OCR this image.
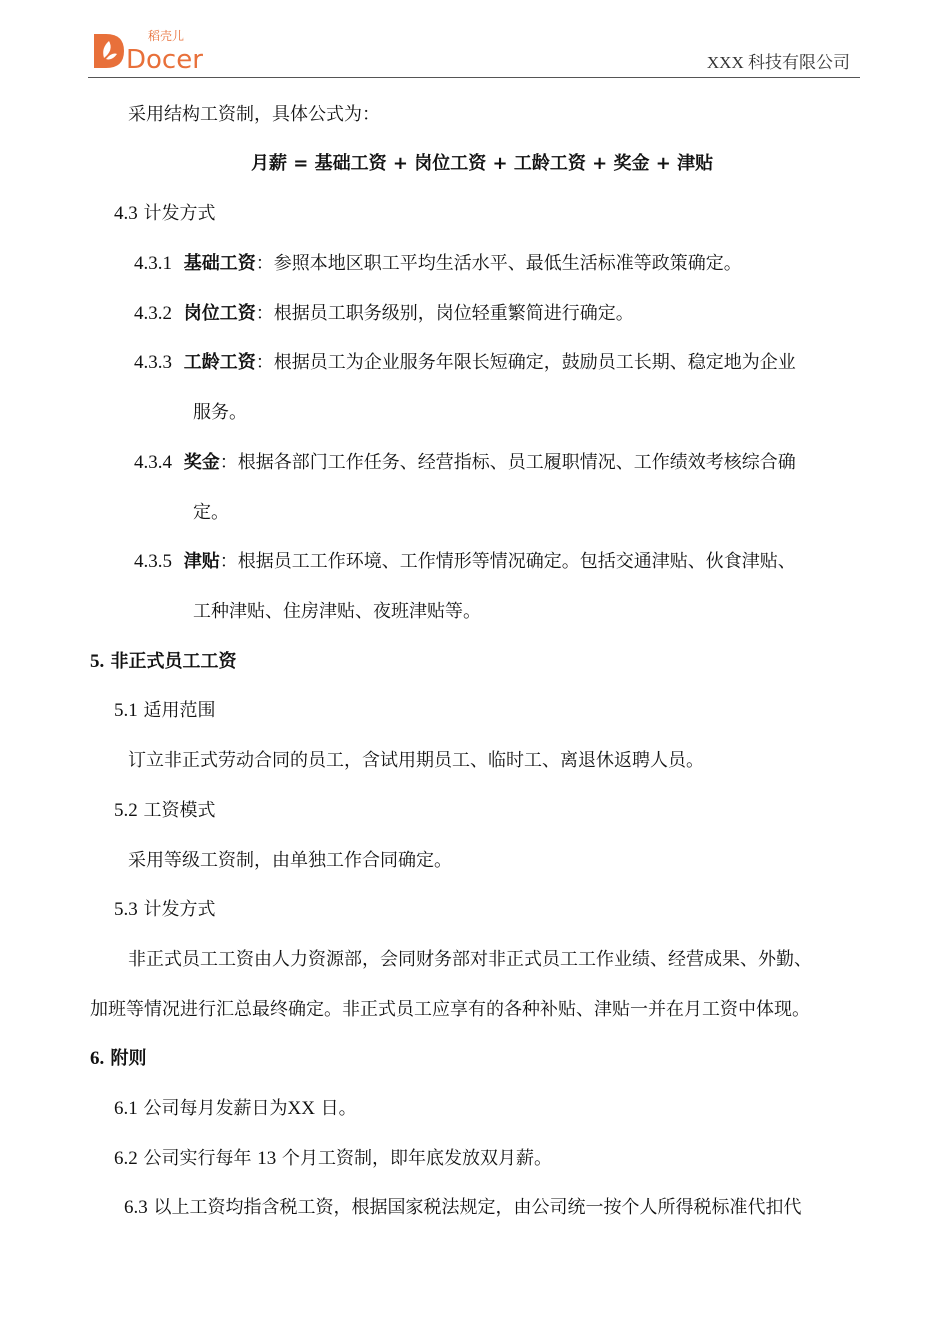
稻壳儿
Docer	XXX 科技有限公司
采用结构工资制，具体公式为：
月薪 = 基础工资 + 岗位工资 + 工龄工资 + 奖金 + 津贴
4.3 计发方式
4.3.1 基础工资：参照本地区职工平均生活水平、最低生活标准等政策确定。
4.3.2 岗位工资：根据员工职务级别，岗位轻重繁简进行确定。
4.3.3 工龄工资：根据员工为企业服务年限长短确定，鼓励员工长期、稳定地为企业
服务。
4.3.4 奖金：根据各部门工作任务、经营指标、员工履职情况、工作绩效考核综合确
定。
4.3.5 津贴：根据员工工作环境、工作情形等情况确定。包括交通津贴、伙食津贴、
工种津贴、住房津贴、夜班津贴等。
5. 非正式员工工资
5.1 适用范围
订立非正式劳动合同的员工，含试用期员工、临时工、离退休返聘人员。
5.2 工资模式
采用等级工资制，由单独工作合同确定。
5.3 计发方式
非正式员工工资由人力资源部，会同财务部对非正式员工工作业绩、经营成果、外勤、
加班等情况进行汇总最终确定。非正式员工应享有的各种补贴、津贴一并在月工资中体现。
6. 附则
6.1 公司每月发薪日为XX 日。
6.2 公司实行每年 13 个月工资制，即年底发放双月薪。
6.3 以上工资均指含税工资，根据国家税法规定，由公司统一按个人所得税标准代扣代
